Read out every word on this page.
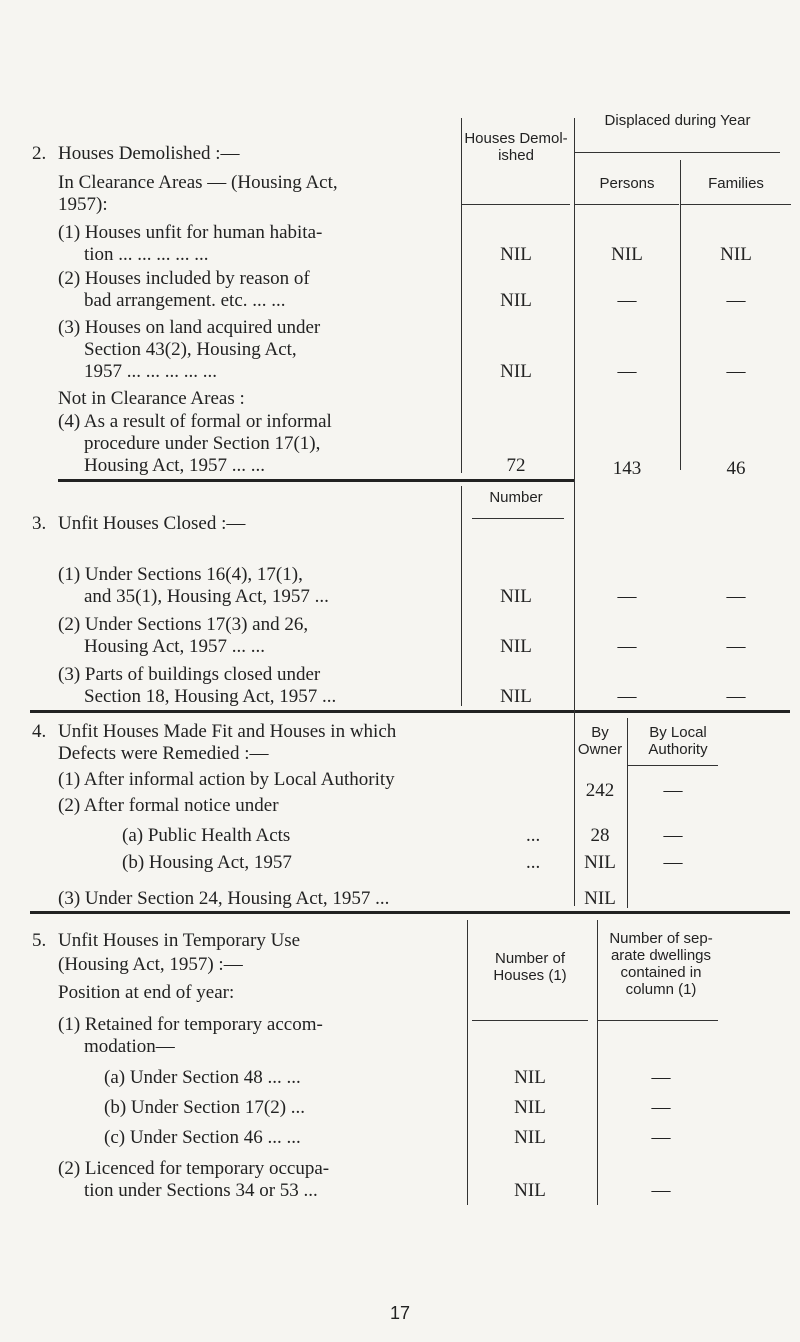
2. Houses Demolished :—
Houses Demol- ished
Displaced during Year
Persons	Families
In Clearance Areas — (Housing Act,
1957):
(1) Houses unfit for human habita-
tion ... ... ... ... ...	NIL	NIL	NIL
(2) Houses included by reason of
bad arrangement. etc. ... ...	NIL	—	—
(3) Houses on land acquired under
Section 43(2), Housing Act,
1957 ... ... ... ... ...	NIL	—	—
Not in Clearance Areas :
(4) As a result of formal or informal
procedure under Section 17(1),
Housing Act, 1957 ... ...	72	143	46
Number
3. Unfit Houses Closed :—
(1) Under Sections 16(4), 17(1),
and 35(1), Housing Act, 1957 ...	NIL	—	—
(2) Under Sections 17(3) and 26,
Housing Act, 1957 ... ...	NIL	—	—
(3) Parts of buildings closed under
Section 18, Housing Act, 1957 ...	NIL	—	—
4. Unfit Houses Made Fit and Houses in which
Defects were Remedied :—
By Owner
By Local Authority
(1) After informal action by Local Authority
242	—
(2) After formal notice under
(a) Public Health Acts	...	28	—
(b) Housing Act, 1957	...	NIL	—
(3) Under Section 24, Housing Act, 1957 ...	NIL
5. Unfit Houses in Temporary Use
(Housing Act, 1957) :—
Position at end of year:
Number of Houses (1)
Number of sep- arate dwellings contained in column (1)
(1) Retained for temporary accom-
modation—
(a) Under Section 48 ... ...	NIL	—
(b) Under Section 17(2) ...	NIL	—
(c) Under Section 46 ... ...	NIL	—
(2) Licenced for temporary occupa-
tion under Sections 34 or 53 ...	NIL	—
17
